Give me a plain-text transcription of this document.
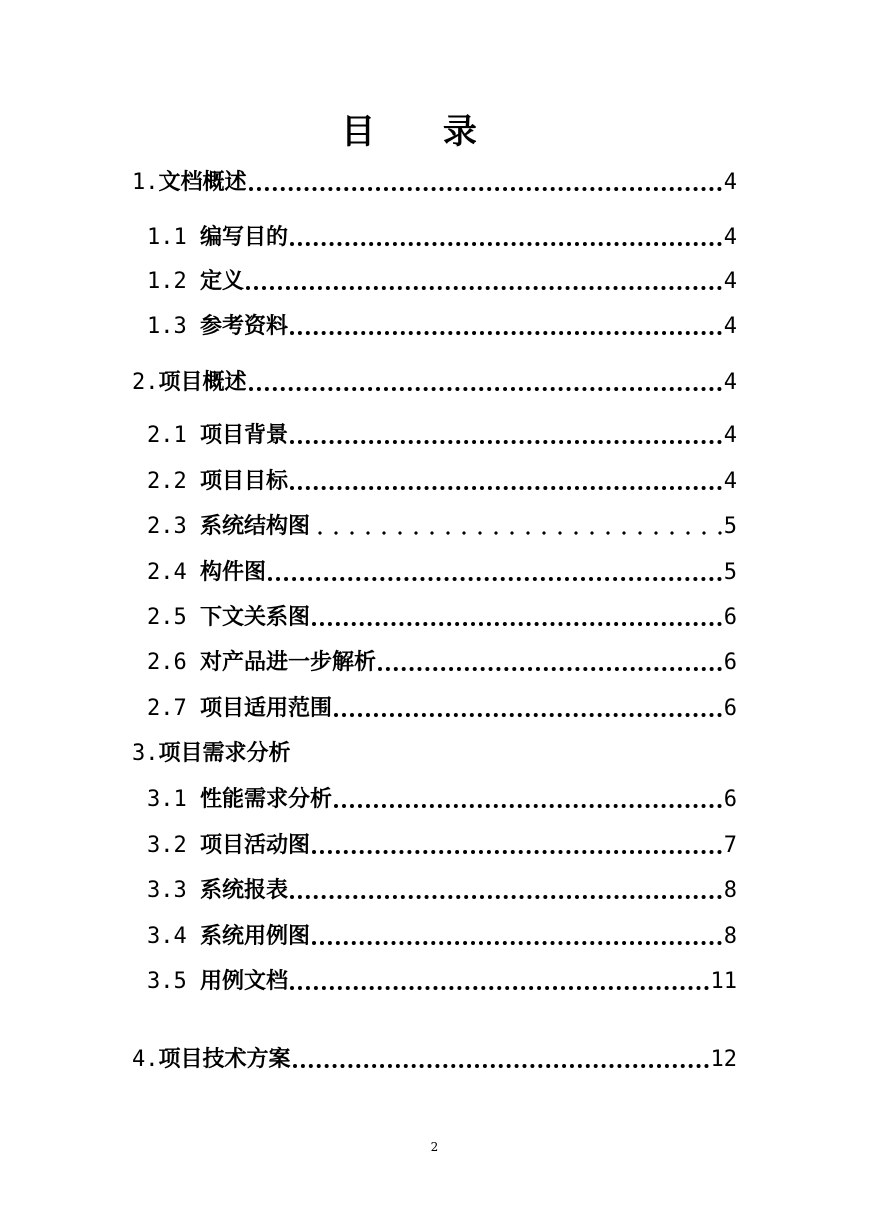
目 录
1. 文档概述	4
1.1 编写目的	4
1.2 定义	4
1.3 参考资料	4
2. 项目概述	4
2.1 项目背景	4
2.2 项目目标	4
2.3 系统结构图	5
2.4 构件图	5
2.5 下文关系图	6
2.6 对产品进一步解析	6
2.7 项目适用范围	6
3. 项目需求分析
3.1 性能需求分析	6
3.2 项目活动图	7
3.3 系统报表	8
3.4 系统用例图	8
3.5 用例文档	11
4. 项目技术方案	12
2
